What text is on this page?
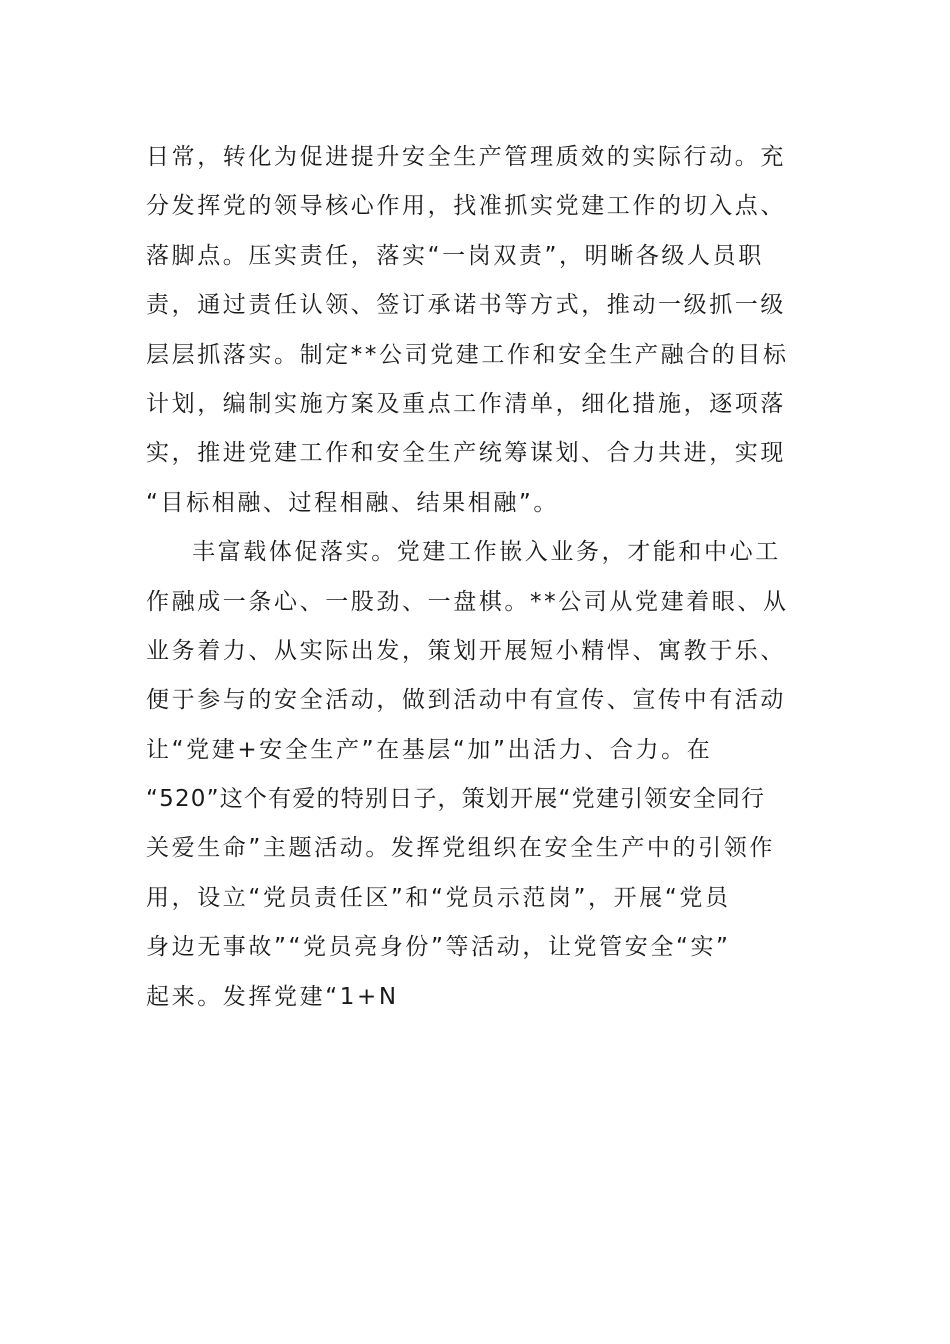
日常，转化为促进提升安全生产管理质效的实际行动。充
分发挥党的领导核心作用，找准抓实党建工作的切入点、
落脚点。压实责任，落实“一岗双责”，明晰各级人员职
责，通过责任认领、签订承诺书等方式，推动一级抓一级
层层抓落实。制定**公司党建工作和安全生产融合的目标
计划，编制实施方案及重点工作清单，细化措施，逐项落
实，推进党建工作和安全生产统筹谋划、合力共进，实现
“目标相融、过程相融、结果相融”。
丰富载体促落实。党建工作嵌入业务，才能和中心工
作融成一条心、一股劲、一盘棋。**公司从党建着眼、从
业务着力、从实际出发，策划开展短小精悍、寓教于乐、
便于参与的安全活动，做到活动中有宣传、宣传中有活动
让“党建+安全生产”在基层“加”出活力、合力。在
“520”这个有爱的特别日子，策划开展“党建引领安全同行
关爱生命”主题活动。发挥党组织在安全生产中的引领作
用，设立“党员责任区”和“党员示范岗”，开展“党员
身边无事故”“党员亮身份”等活动，让党管安全“实”
起来。发挥党建“1+N
